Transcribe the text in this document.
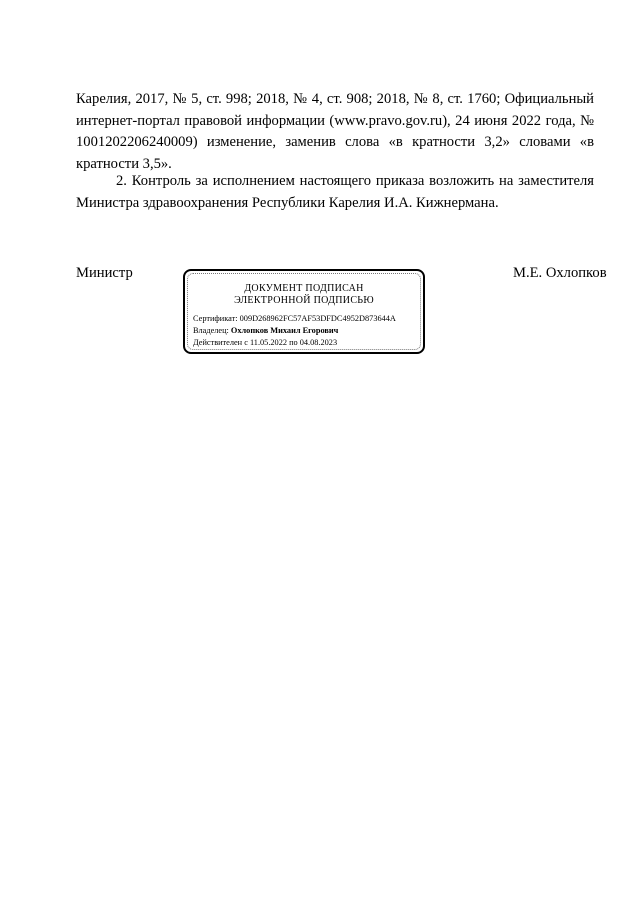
Карелия, 2017, № 5, ст. 998; 2018, № 4, ст. 908; 2018, № 8, ст. 1760; Официальный интернет-портал правовой информации (www.pravo.gov.ru), 24 июня 2022 года, № 1001202206240009) изменение, заменив слова «в кратности 3,2» словами «в кратности 3,5».
2. Контроль за исполнением настоящего приказа возложить на заместителя Министра здравоохранения Республики Карелия И.А. Кижнермана.
Министр
ДОКУМЕНТ ПОДПИСАН
ЭЛЕКТРОННОЙ ПОДПИСЬЮ
Сертификат: 009D268962FC57AF53DFDC4952D873644A
Владелец: Охлопков Михаил Егорович
Действителен с 11.05.2022 по 04.08.2023
М.Е. Охлопков
